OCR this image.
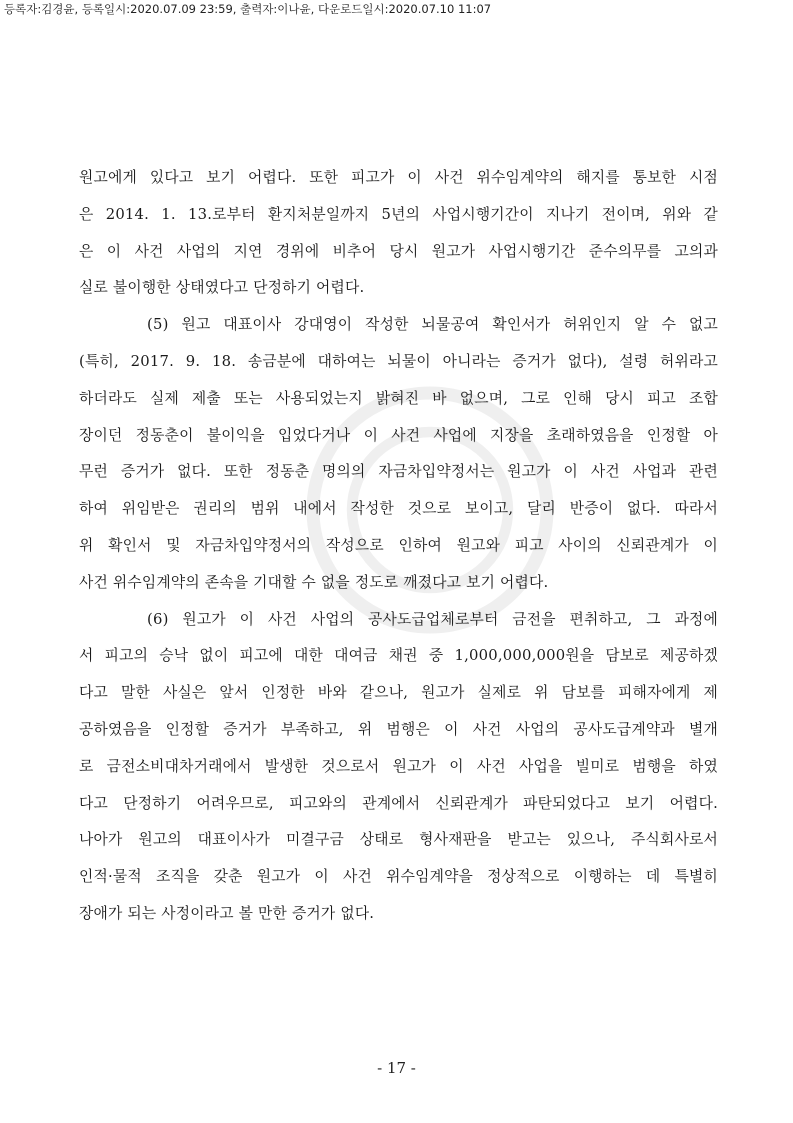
등록자:김경윤, 등록일시:2020.07.09 23:59, 출력자:이나윤, 다운로드일시:2020.07.10 11:07
원고에게 있다고 보기 어렵다. 또한 피고가 이 사건 위수임계약의 해지를 통보한 시점
은 2014. 1. 13.로부터 환지처분일까지 5년의 사업시행기간이 지나기 전이며, 위와 같
은 이 사건 사업의 지연 경위에 비추어 당시 원고가 사업시행기간 준수의무를 고의과
실로 불이행한 상태였다고 단정하기 어렵다.
(5) 원고 대표이사 강대영이 작성한 뇌물공여 확인서가 허위인지 알 수 없고
(특히, 2017. 9. 18. 송금분에 대하여는 뇌물이 아니라는 증거가 없다), 설령 허위라고
하더라도 실제 제출 또는 사용되었는지 밝혀진 바 없으며, 그로 인해 당시 피고 조합
장이던 정동춘이 불이익을 입었다거나 이 사건 사업에 지장을 초래하였음을 인정할 아
무런 증거가 없다. 또한 정동춘 명의의 자금차입약정서는 원고가 이 사건 사업과 관련
하여 위임받은 권리의 범위 내에서 작성한 것으로 보이고, 달리 반증이 없다. 따라서
위 확인서 및 자금차입약정서의 작성으로 인하여 원고와 피고 사이의 신뢰관계가 이
사건 위수임계약의 존속을 기대할 수 없을 정도로 깨졌다고 보기 어렵다.
(6) 원고가 이 사건 사업의 공사도급업체로부터 금전을 편취하고, 그 과정에
서 피고의 승낙 없이 피고에 대한 대여금 채권 중 1,000,000,000원을 담보로 제공하겠
다고 말한 사실은 앞서 인정한 바와 같으나, 원고가 실제로 위 담보를 피해자에게 제
공하였음을 인정할 증거가 부족하고, 위 범행은 이 사건 사업의 공사도급계약과 별개
로 금전소비대차거래에서 발생한 것으로서 원고가 이 사건 사업을 빌미로 범행을 하였
다고 단정하기 어려우므로, 피고와의 관계에서 신뢰관계가 파탄되었다고 보기 어렵다.
나아가 원고의 대표이사가 미결구금 상태로 형사재판을 받고는 있으나, 주식회사로서
인적·물적 조직을 갖춘 원고가 이 사건 위수임계약을 정상적으로 이행하는 데 특별히
장애가 되는 사정이라고 볼 만한 증거가 없다.
- 17 -
